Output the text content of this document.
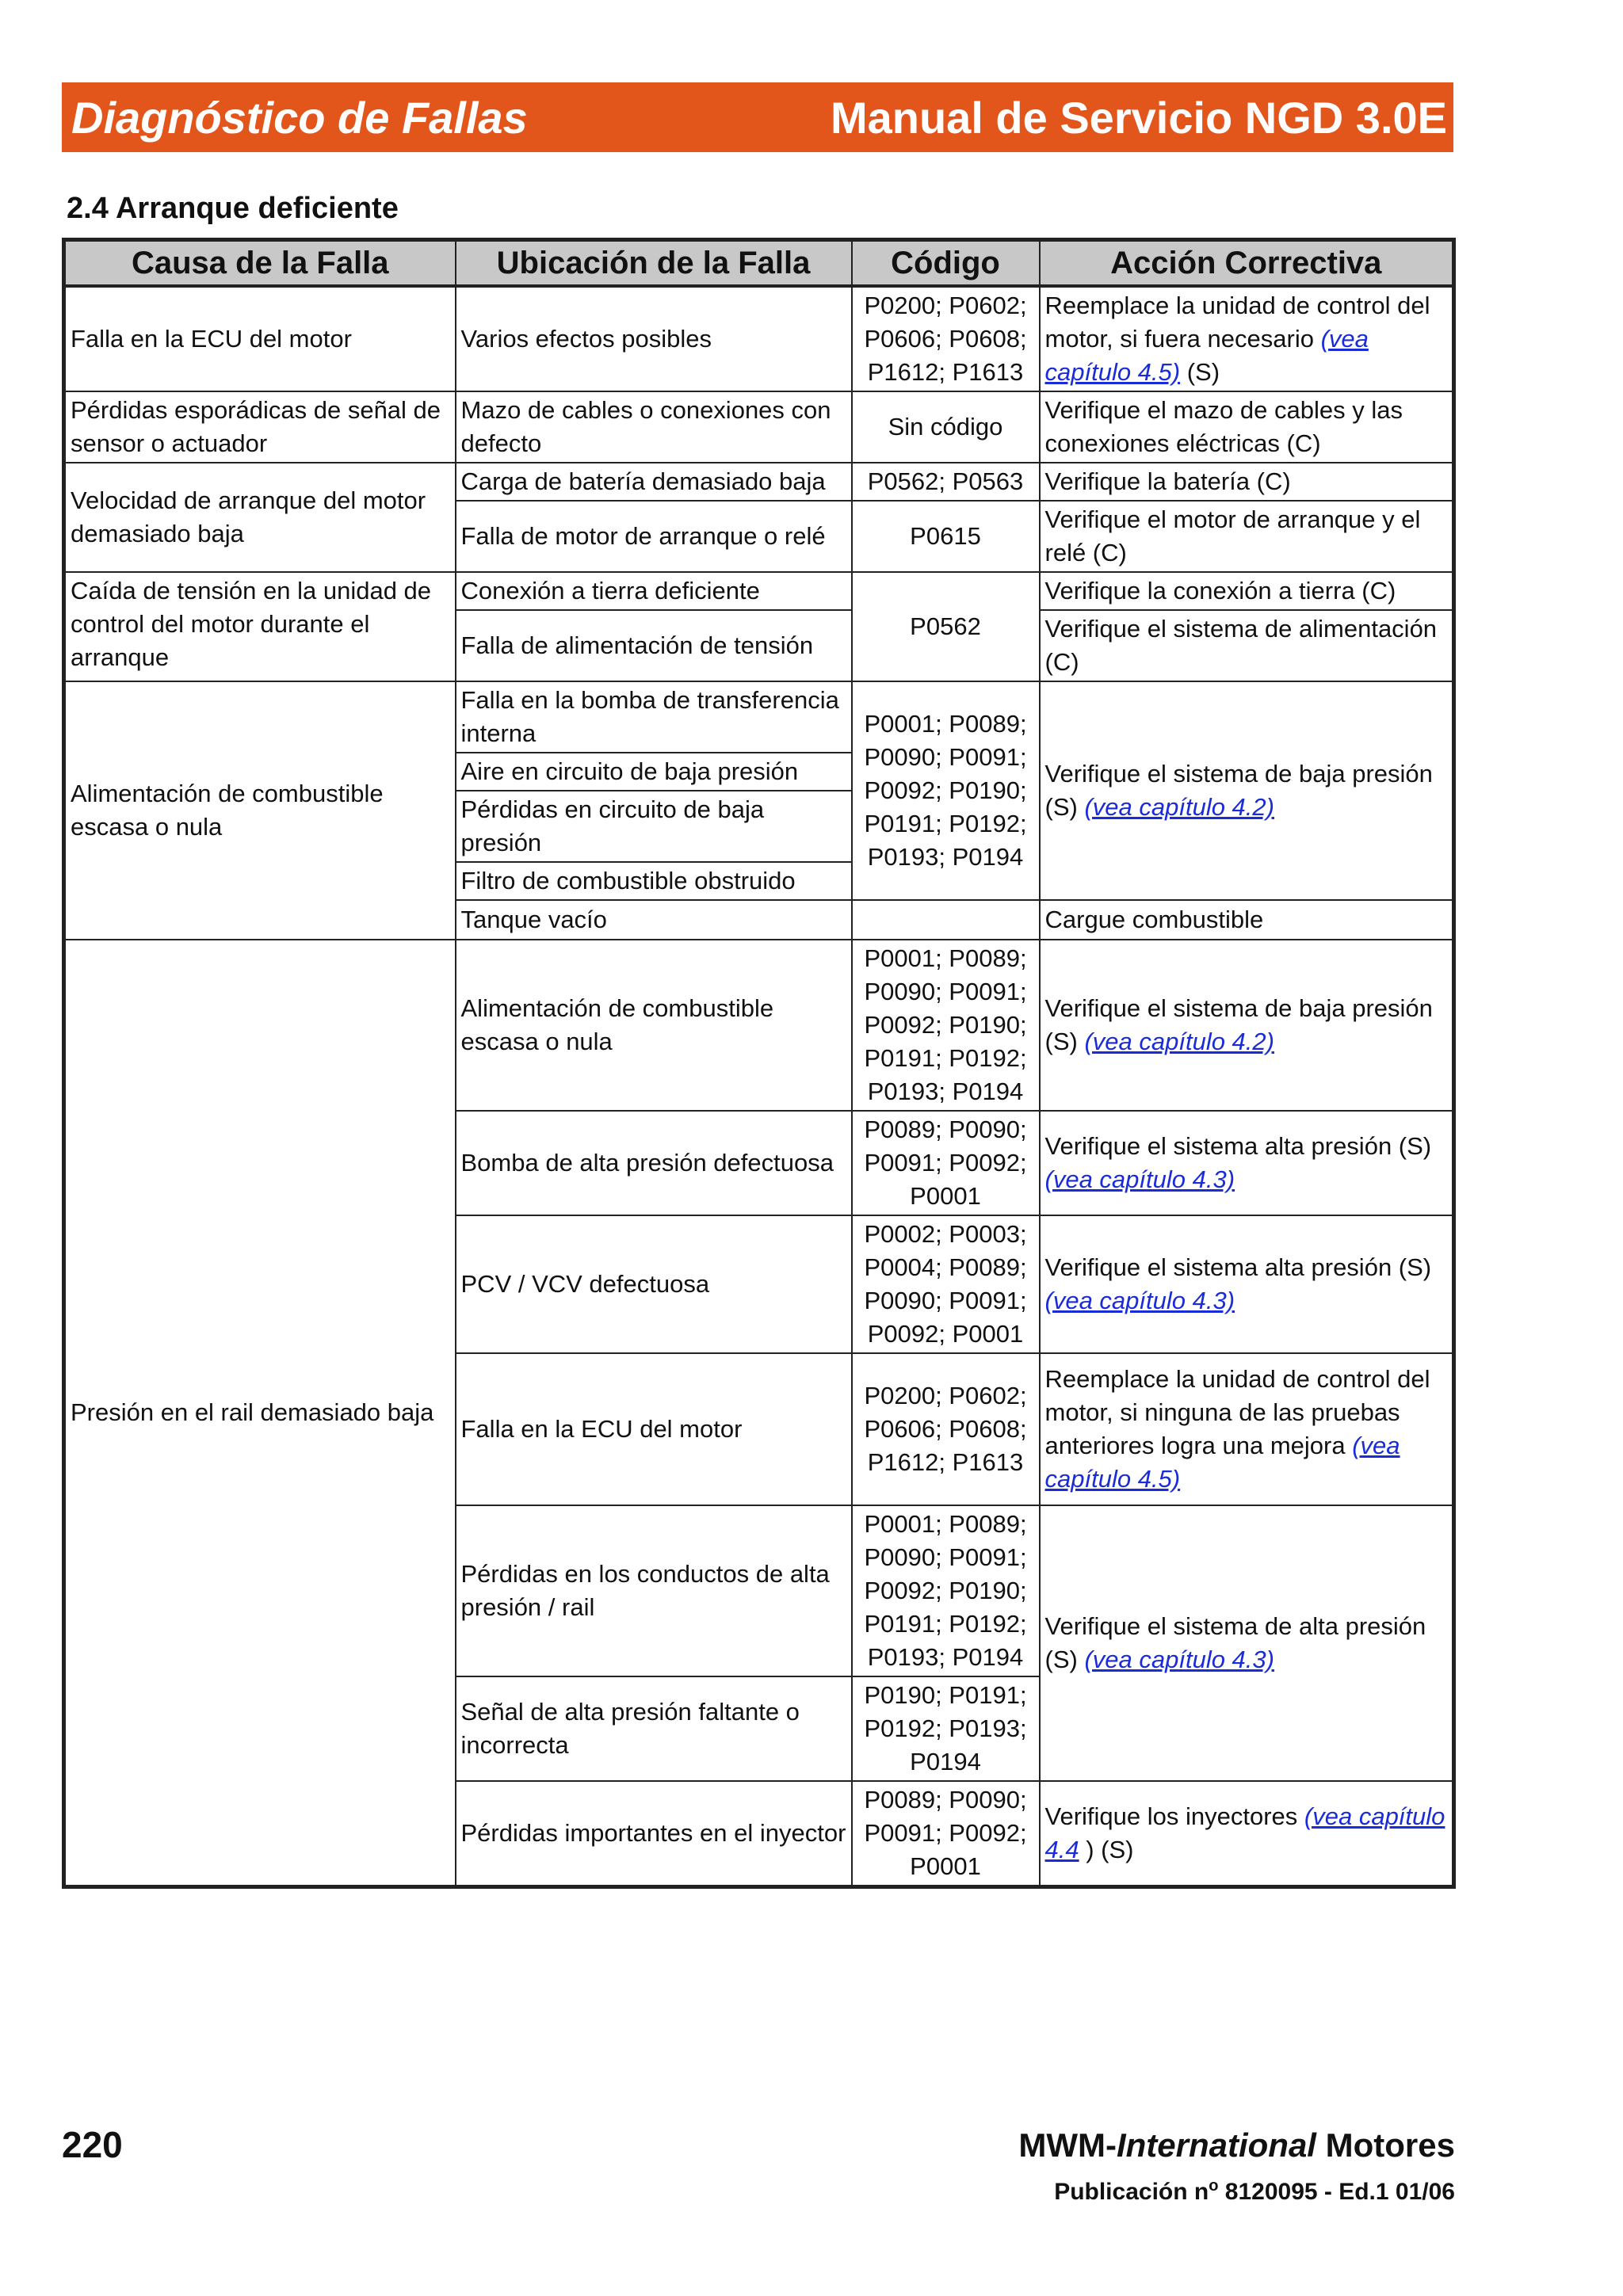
Diagnóstico de Fallas	Manual de Servicio NGD 3.0E
2.4 Arranque deficiente
Causa de la Falla	Ubicación de la Falla	Código	Acción Correctiva
Falla en la ECU del motor	Varios efectos posibles	P0200; P0602; P0606; P0608; P1612; P1613	Reemplace la unidad de control del motor, si fuera necesario (vea capítulo 4.5) (S)
Pérdidas esporádicas de señal de sensor o actuador	Mazo de cables o conexiones con defecto	Sin código	Verifique el mazo de cables y las conexiones eléctricas (C)
Velocidad de arranque del motor demasiado baja	Carga de batería demasiado baja	P0562; P0563	Verifique la batería (C)
	Falla de motor de arranque o relé	P0615	Verifique el motor de arranque y el relé (C)
Caída de tensión en la unidad de control del motor durante el arranque	Conexión a tierra deficiente	P0562	Verifique la conexión a tierra (C)
	Falla de alimentación de tensión		Verifique el sistema de alimentación (C)
Alimentación de combustible escasa o nula	Falla en la bomba de transferencia interna	P0001; P0089; P0090; P0091; P0092; P0190; P0191; P0192; P0193; P0194	Verifique el sistema de baja presión (S) (vea capítulo 4.2)
	Aire en circuito de baja presión		
	Pérdidas en circuito de baja presión		
	Filtro de combustible obstruido		
	Tanque vacío		Cargue combustible
Presión en el rail demasiado baja	Alimentación de combustible escasa o nula	P0001; P0089; P0090; P0091; P0092; P0190; P0191; P0192; P0193; P0194	Verifique el sistema de baja presión (S) (vea capítulo 4.2)
	Bomba de alta presión defectuosa	P0089; P0090; P0091; P0092; P0001	Verifique el sistema alta presión (S) (vea capítulo 4.3)
	PCV / VCV defectuosa	P0002; P0003; P0004; P0089; P0090; P0091; P0092; P0001	Verifique el sistema alta presión (S) (vea capítulo 4.3)
	Falla en la ECU del motor	P0200; P0602; P0606; P0608; P1612; P1613	Reemplace la unidad de control del motor, si ninguna de las pruebas anteriores logra una mejora (vea capítulo 4.5)
	Pérdidas en los conductos de alta presión / rail	P0001; P0089; P0090; P0091; P0092; P0190; P0191; P0192; P0193; P0194	Verifique el sistema de alta presión (S) (vea capítulo 4.3)
	Señal de alta presión faltante o incorrecta	P0190; P0191; P0192; P0193; P0194	
	Pérdidas importantes en el inyector	P0089; P0090; P0091; P0092; P0001	Verifique los inyectores (vea capítulo 4.4 ) (S)
220	MWM-International Motores
Publicación $n^o$ 8120095 - Ed.1 01/06
